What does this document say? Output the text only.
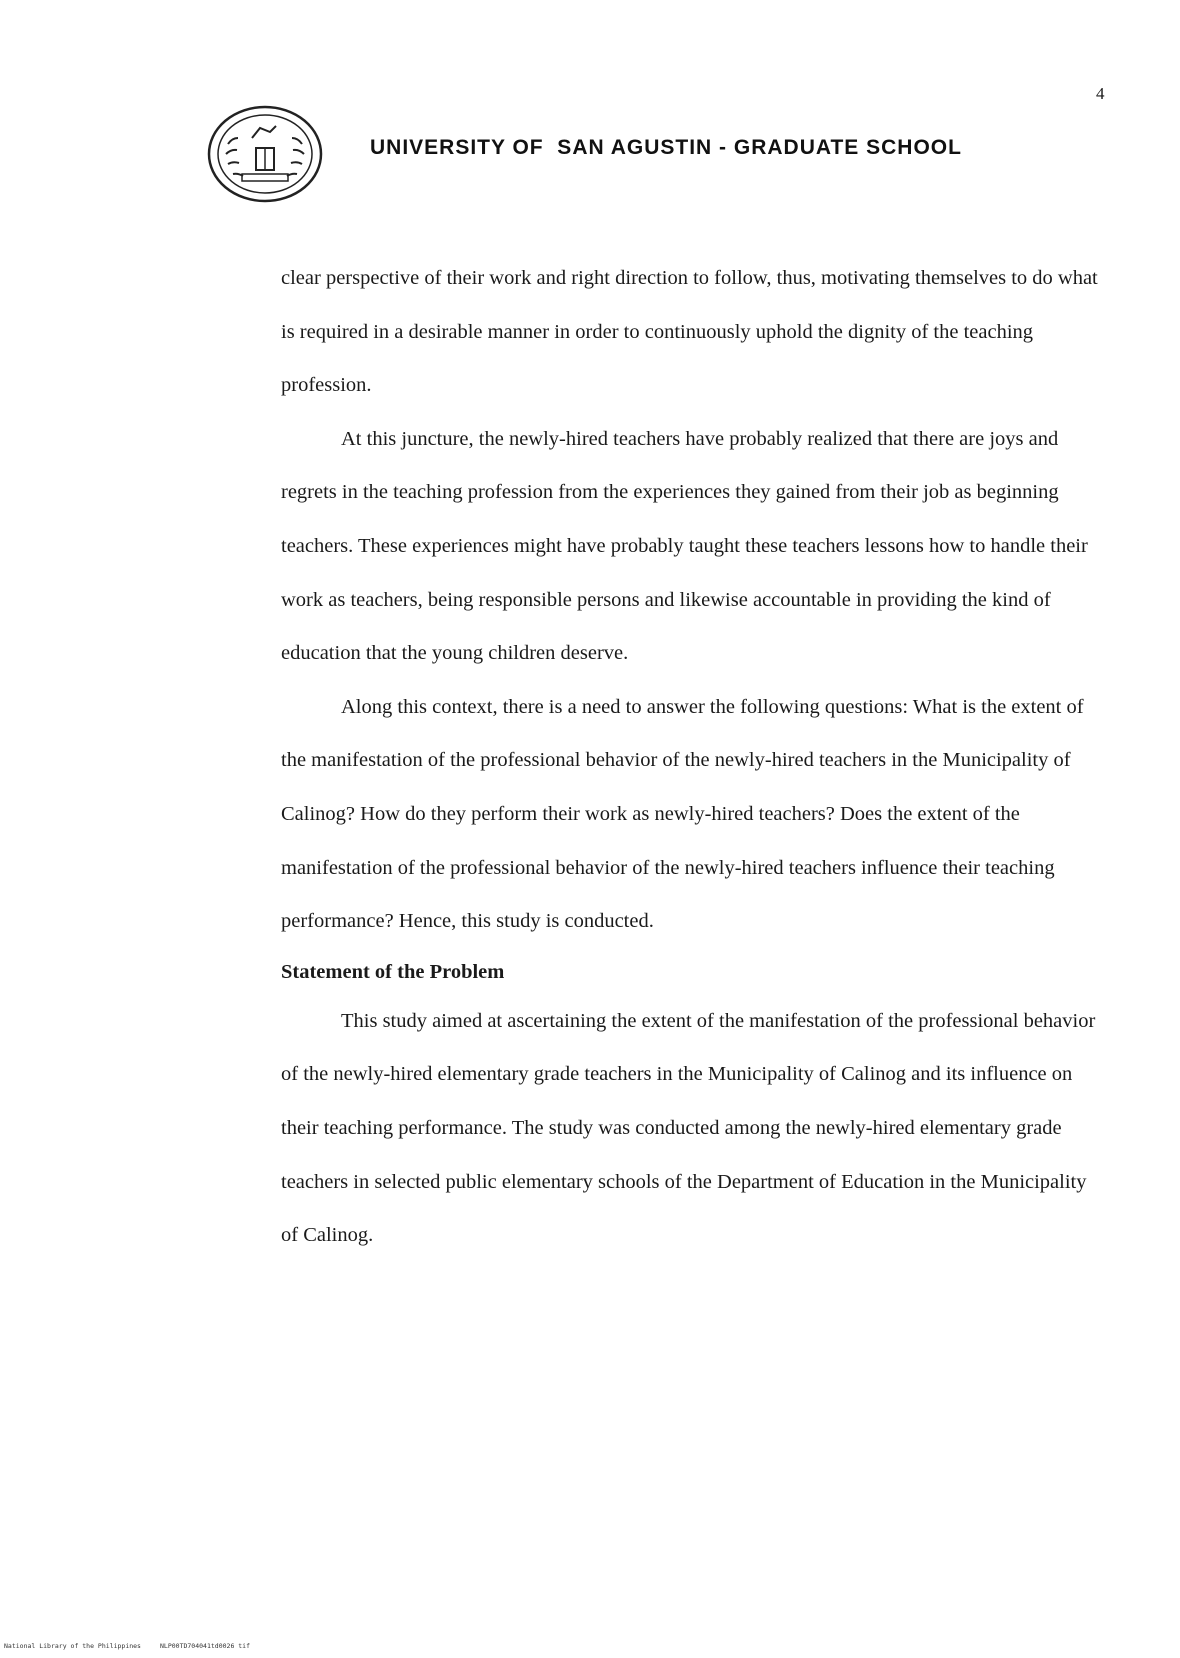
4
UNIVERSITY OF  SAN AGUSTIN - GRADUATE SCHOOL

clear perspective of their work and right direction to follow, thus, motivating themselves to do what is required in a desirable manner in order to continuously uphold the dignity of the teaching profession.

At this juncture, the newly-hired teachers have probably realized that there are joys and regrets in the teaching profession from the experiences they gained from their job as beginning teachers. These experiences might have probably taught these teachers lessons how to handle their work as teachers, being responsible persons and likewise accountable in providing the kind of education that the young children deserve.

Along this context, there is a need to answer the following questions: What is the extent of the manifestation of the professional behavior of the newly-hired teachers in the Municipality of Calinog? How do they perform their work as newly-hired teachers? Does the extent of the manifestation of the professional behavior of the newly-hired teachers influence their teaching performance? Hence, this study is conducted.

Statement of the Problem

This study aimed at ascertaining the extent of the manifestation of the professional behavior of the newly-hired elementary grade teachers in the Municipality of Calinog and its influence on their teaching performance. The study was conducted among the newly-hired elementary grade teachers in selected public elementary schools of the Department of Education in the Municipality of Calinog.

National Library of the Philippines	NLP00TD704041td0026 tif
